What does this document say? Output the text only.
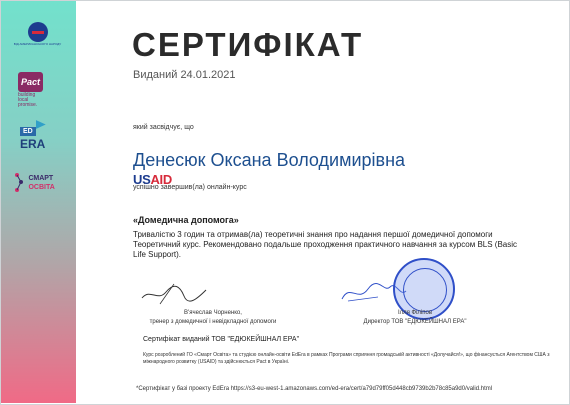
USAID
ВІД АМЕРИКАНСЬКОГО НАРОДУ
Pact building local promise.
ED
ERA
СМАРТ
ОСВІТА
СЕРТИФІКАТ
Виданий 24.01.2021
який засвідчує, що
Денесюк Оксана Володимирівна
успішно завершив(ла) онлайн-курс
«Домедична допомога»
Тривалістю 3 годин та отримав(ла) теоретичні знання про надання першої домедичної допомоги Теоретичний курс. Рекомендовано подальше проходження практичного навчання за курсом BLS (Basic Life Support).
В'ячеслав Чорненко,
тренер з домедичної і невідкладної допомоги
Ілля Філіпов
Директор ТОВ "ЕДЮКЕЙШНАЛ ЕРА"
Сертифікат виданий ТОВ "ЕДЮКЕЙШНАЛ ЕРА"
Курс розроблений ГО «Смарт Освіта» та студією онлайн-освіти EdEra в рамках Програми сприяння громадській активності «Долучайся!», що фінансується Агентством США з міжнародного розвитку (USAID) та здійснюється Pact в Україні.
*Сертифікат у базі проекту EdEra https://s3-eu-west-1.amazonaws.com/ed-era/cert/a79d79ff05d448cb9739b2b78c85a9d0/valid.html
